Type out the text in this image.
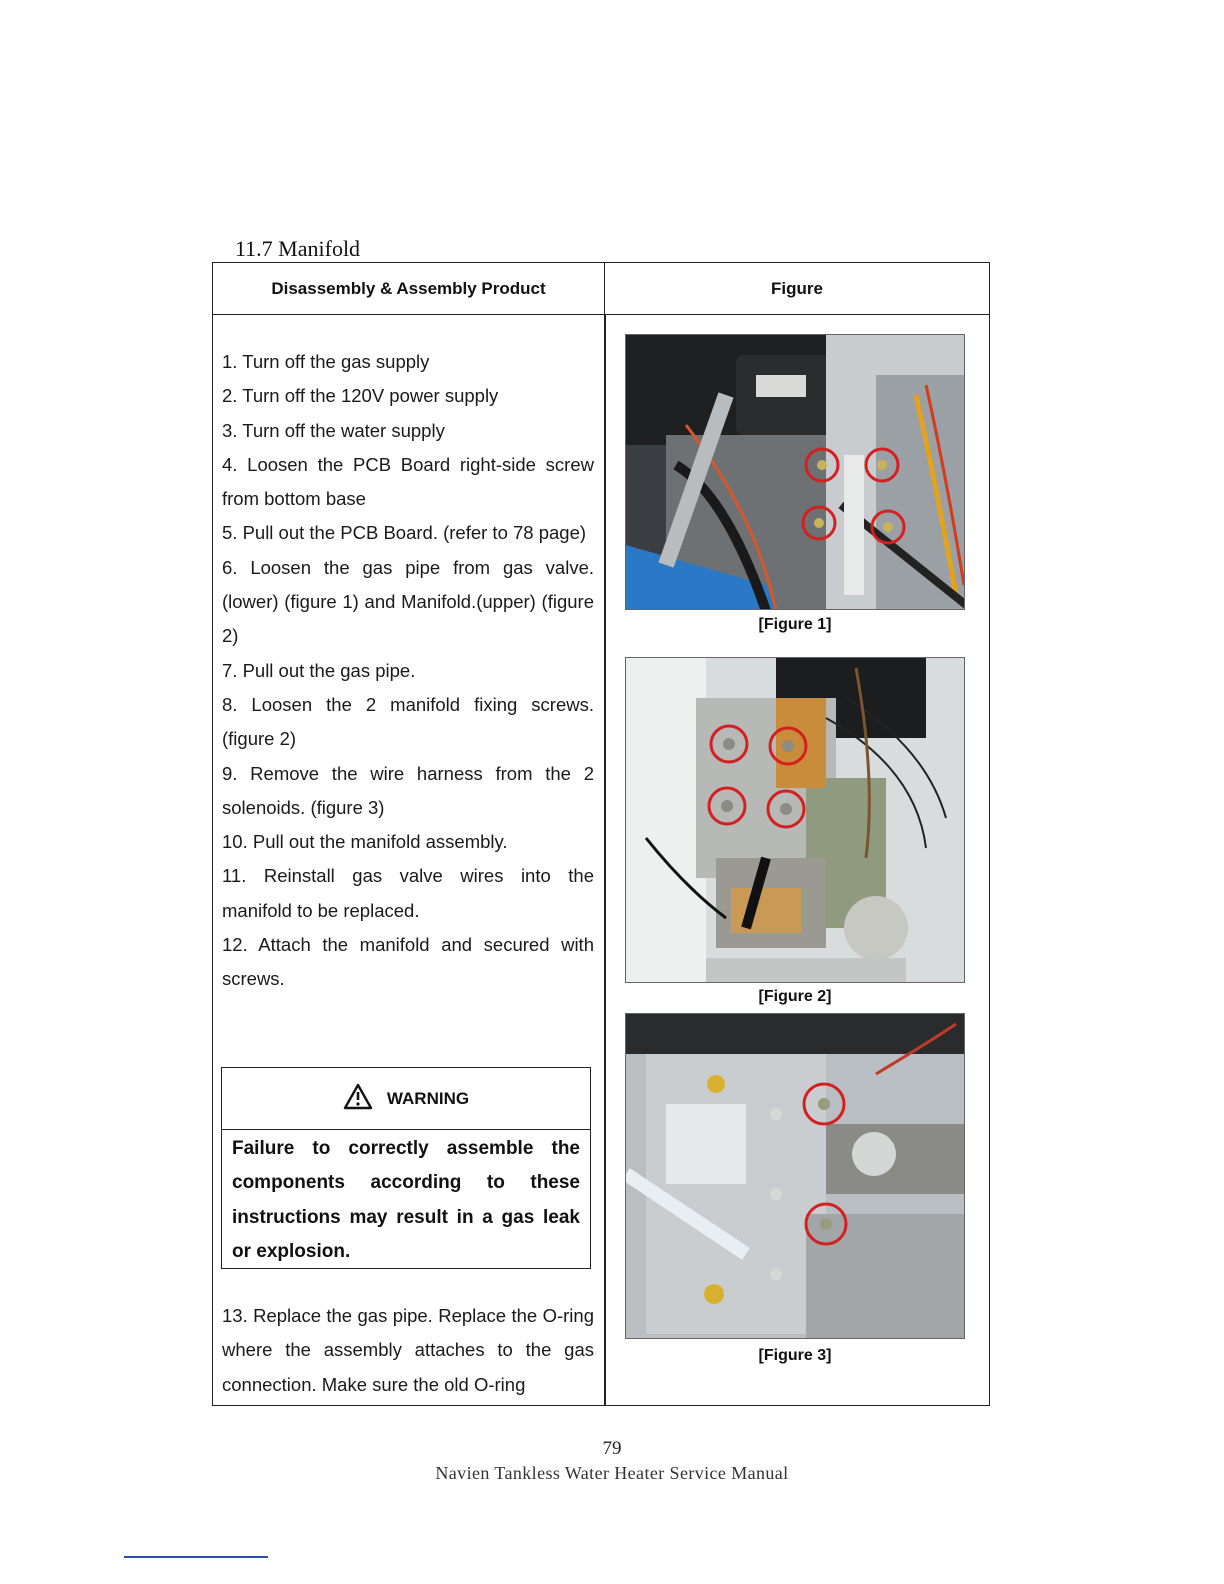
11.7 Manifold
Disassembly & Assembly Product	Figure

1. Turn off the gas supply

2. Turn off the 120V power supply

3. Turn off the water supply

4. Loosen the PCB Board right-side screw from bottom base

5. Pull out the PCB Board. (refer to 78 page)

6. Loosen the gas pipe from gas valve.(lower) (figure 1) and Manifold.(upper) (figure 2)

7. Pull out the gas pipe.

8. Loosen the 2 manifold fixing screws. (figure 2)

9. Remove the wire harness from the 2 solenoids. (figure 3)

10. Pull out the manifold assembly.

11. Reinstall gas valve wires into the manifold to be replaced.

12. Attach the manifold and secured with screws.

WARNING
Failure to correctly assemble the components according to these instructions may result in a gas leak or explosion.
13. Replace the gas pipe. Replace the O-ring where the assembly attaches to the gas connection. Make sure the old O-ring
[Figure 1]
[Figure 2]
[Figure 3]
79
Navien Tankless Water Heater Service Manual
